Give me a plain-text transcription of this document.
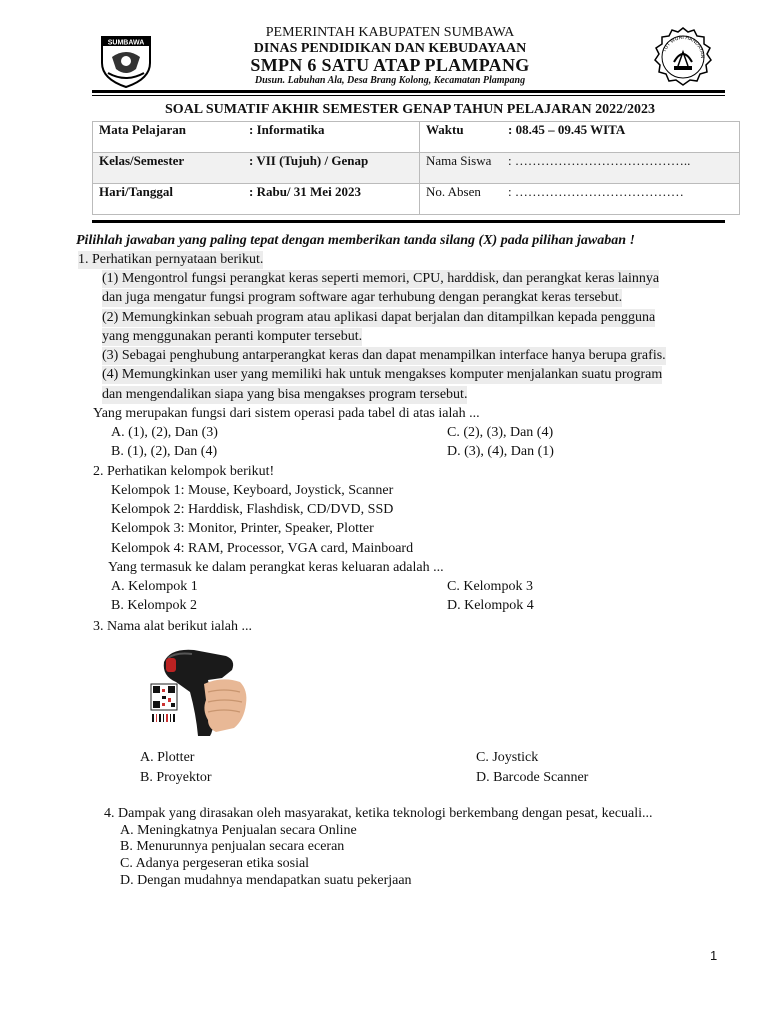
SUMBAWA
TUT WURI HANDAYAN
PEMERINTAH KABUPATEN SUMBAWA
DINAS PENDIDIKAN DAN KEBUDAYAAN
SMPN 6 SATU ATAP PLAMPANG
Dusun. Labuhan Ala, Desa Brang Kolong, Kecamatan Plampang
SOAL SUMATIF AKHIR SEMESTER GENAP TAHUN PELAJARAN 2022/2023
Mata Pelajaran : Informatika	Waktu : 08.45 – 09.45 WITA
Kelas/Semester : VII (Tujuh) / Genap	Nama Siswa : …………………………………..
Hari/Tanggal : Rabu/ 31 Mei 2023	No. Absen : …………………………………
Pilihlah jawaban yang paling tepat dengan memberikan tanda silang (X) pada pilihan jawaban !
1. Perhatikan pernyataan berikut.
(1) Mengontrol fungsi perangkat keras seperti memori, CPU, harddisk, dan perangkat keras lainnya
dan juga mengatur fungsi program software agar terhubung dengan perangkat keras tersebut.
(2) Memungkinkan sebuah program atau aplikasi dapat berjalan dan ditampilkan kepada pengguna
yang menggunakan peranti komputer tersebut.
(3) Sebagai penghubung antarperangkat keras dan dapat menampilkan interface hanya berupa grafis.
(4) Memungkinkan user yang memiliki hak untuk mengakses komputer menjalankan suatu program
dan mengendalikan siapa yang bisa mengakses program tersebut.
Yang merupakan fungsi dari sistem operasi pada tabel di atas ialah ...
A. (1), (2), Dan (3)	C. (2), (3), Dan (4)
B. (1), (2), Dan (4)	D. (3), (4), Dan (1)
2. Perhatikan kelompok berikut!
Kelompok 1: Mouse, Keyboard, Joystick, Scanner
Kelompok 2: Harddisk, Flashdisk, CD/DVD, SSD
Kelompok 3: Monitor, Printer, Speaker, Plotter
Kelompok 4: RAM, Processor, VGA card, Mainboard
Yang termasuk ke dalam perangkat keras keluaran adalah ...
A. Kelompok 1	C. Kelompok 3
B. Kelompok 2	D. Kelompok 4
3. Nama alat berikut ialah ...
A. Plotter	C. Joystick
B. Proyektor	D. Barcode Scanner
4. Dampak yang dirasakan oleh masyarakat, ketika teknologi berkembang dengan pesat, kecuali...
A. Meningkatnya Penjualan secara Online
B. Menurunnya penjualan secara eceran
C. Adanya pergeseran etika sosial
D. Dengan mudahnya mendapatkan suatu pekerjaan
1
